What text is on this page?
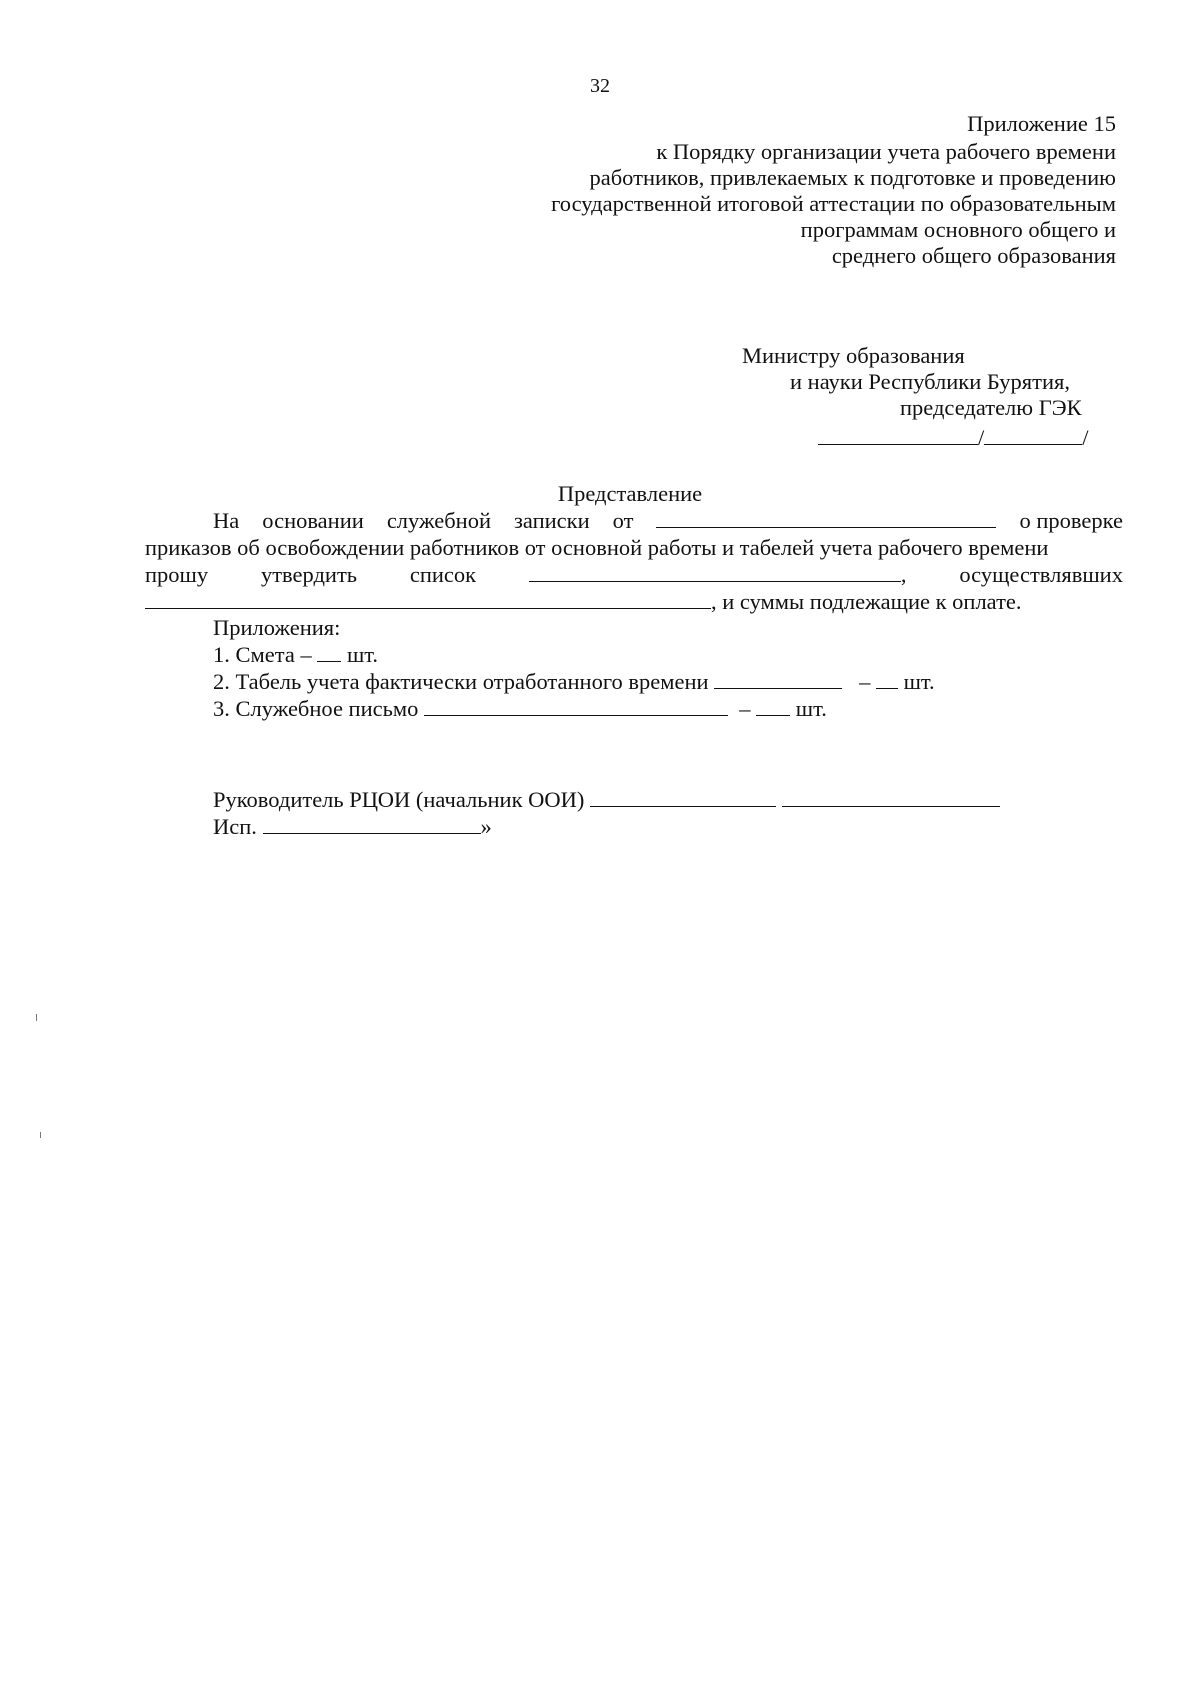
32
Приложение 15
к Порядку организации учета рабочего времени
работников, привлекаемых к подготовке и проведению
государственной итоговой аттестации по образовательным
программам основного общего и
среднего общего образования
Министру образования
и науки Республики Бурятия,
председателю ГЭК
/	/
Представление
На основании служебной записки от	о проверке
приказов об освобождении работников от основной работы и табелей учета рабочего времени
прошу утвердить список	, осуществлявших
, и суммы подлежащие к оплате.
Приложения:
1. Смета – шт.
2. Табель учета фактически отработанного времени	– шт.
3. Служебное письмо	– шт.
Руководитель РЦОИ (начальник ООИ)
Исп.	»
